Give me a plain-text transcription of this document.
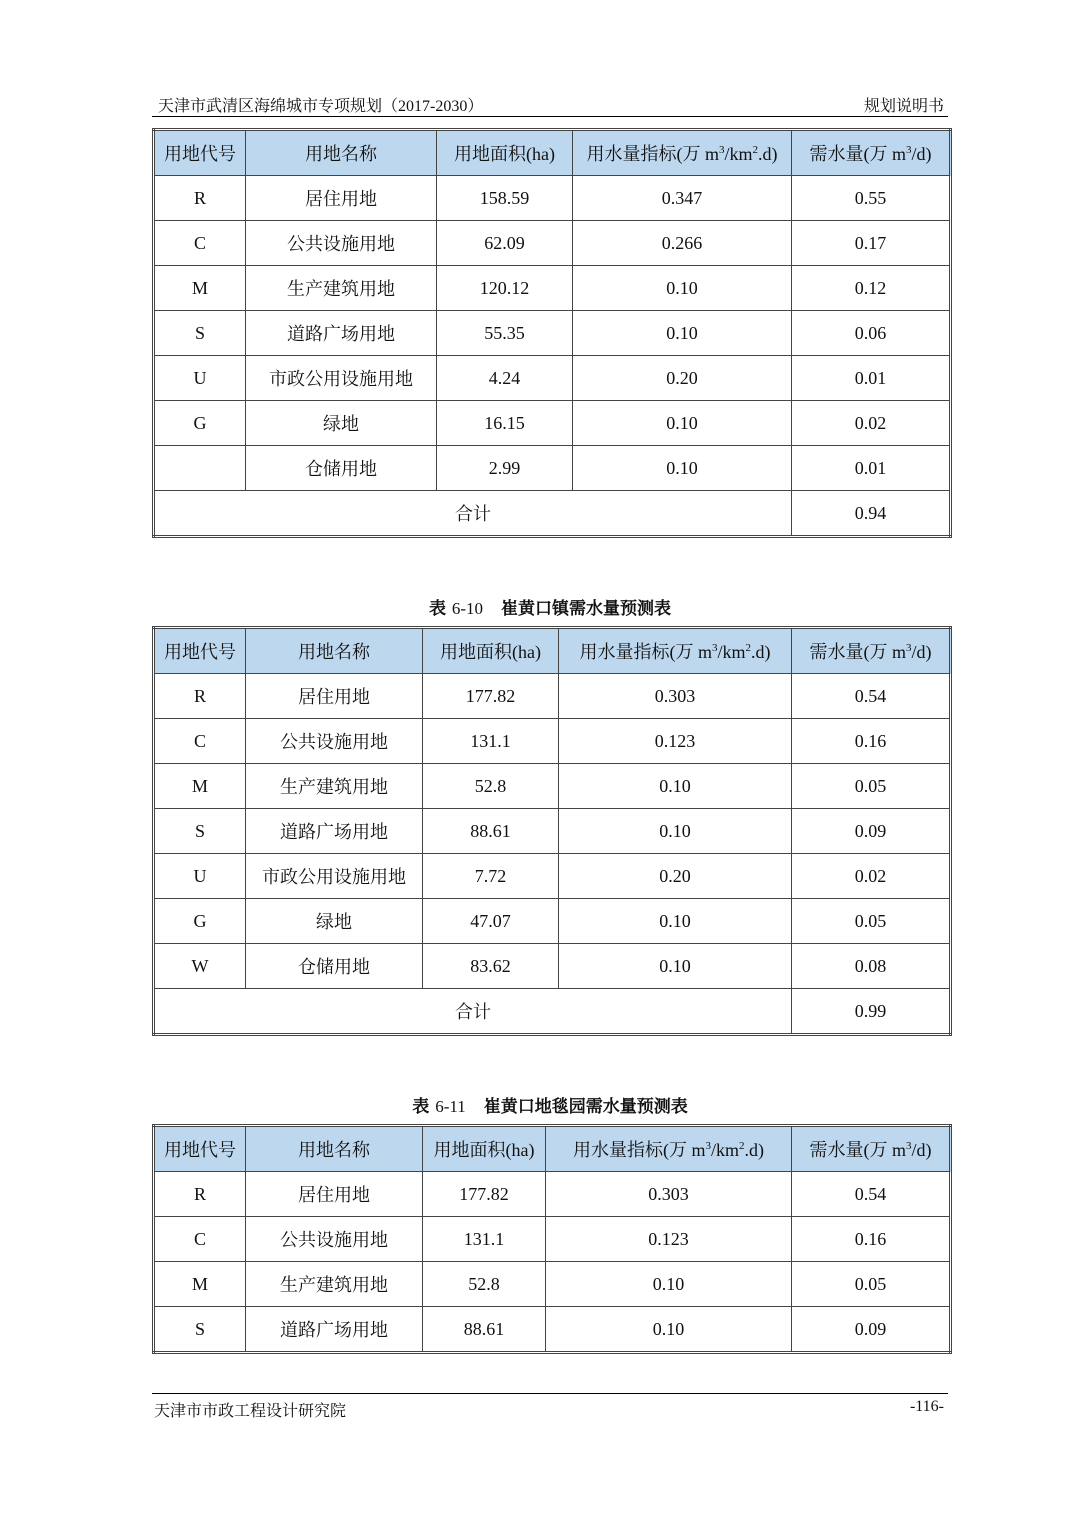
天津市武清区海绵城市专项规划（2017-2030）	规划说明书
用地代号	用地名称	用地面积(ha)	用水量指标(万 $m^3/km^2.d$)	需水量(万 $m^3/d$)
R	居住用地	158.59	0.347	0.55
C	公共设施用地	62.09	0.266	0.17
M	生产建筑用地	120.12	0.10	0.12
S	道路广场用地	55.35	0.10	0.06
U	市政公用设施用地	4.24	0.20	0.01
G	绿地	16.15	0.10	0.02
	仓储用地	2.99	0.10	0.01
合计				0.94
表 6-10 崔黄口镇需水量预测表
用地代号	用地名称	用地面积(ha)	用水量指标(万 $m^3/km^2.d$)	需水量(万 $m^3/d$)
R	居住用地	177.82	0.303	0.54
C	公共设施用地	131.1	0.123	0.16
M	生产建筑用地	52.8	0.10	0.05
S	道路广场用地	88.61	0.10	0.09
U	市政公用设施用地	7.72	0.20	0.02
G	绿地	47.07	0.10	0.05
W	仓储用地	83.62	0.10	0.08
合计				0.99
表 6-11 崔黄口地毯园需水量预测表
用地代号	用地名称	用地面积(ha)	用水量指标(万 $m^3/km^2.d$)	需水量(万 $m^3/d$)
R	居住用地	177.82	0.303	0.54
C	公共设施用地	131.1	0.123	0.16
M	生产建筑用地	52.8	0.10	0.05
S	道路广场用地	88.61	0.10	0.09
天津市市政工程设计研究院	-116-
